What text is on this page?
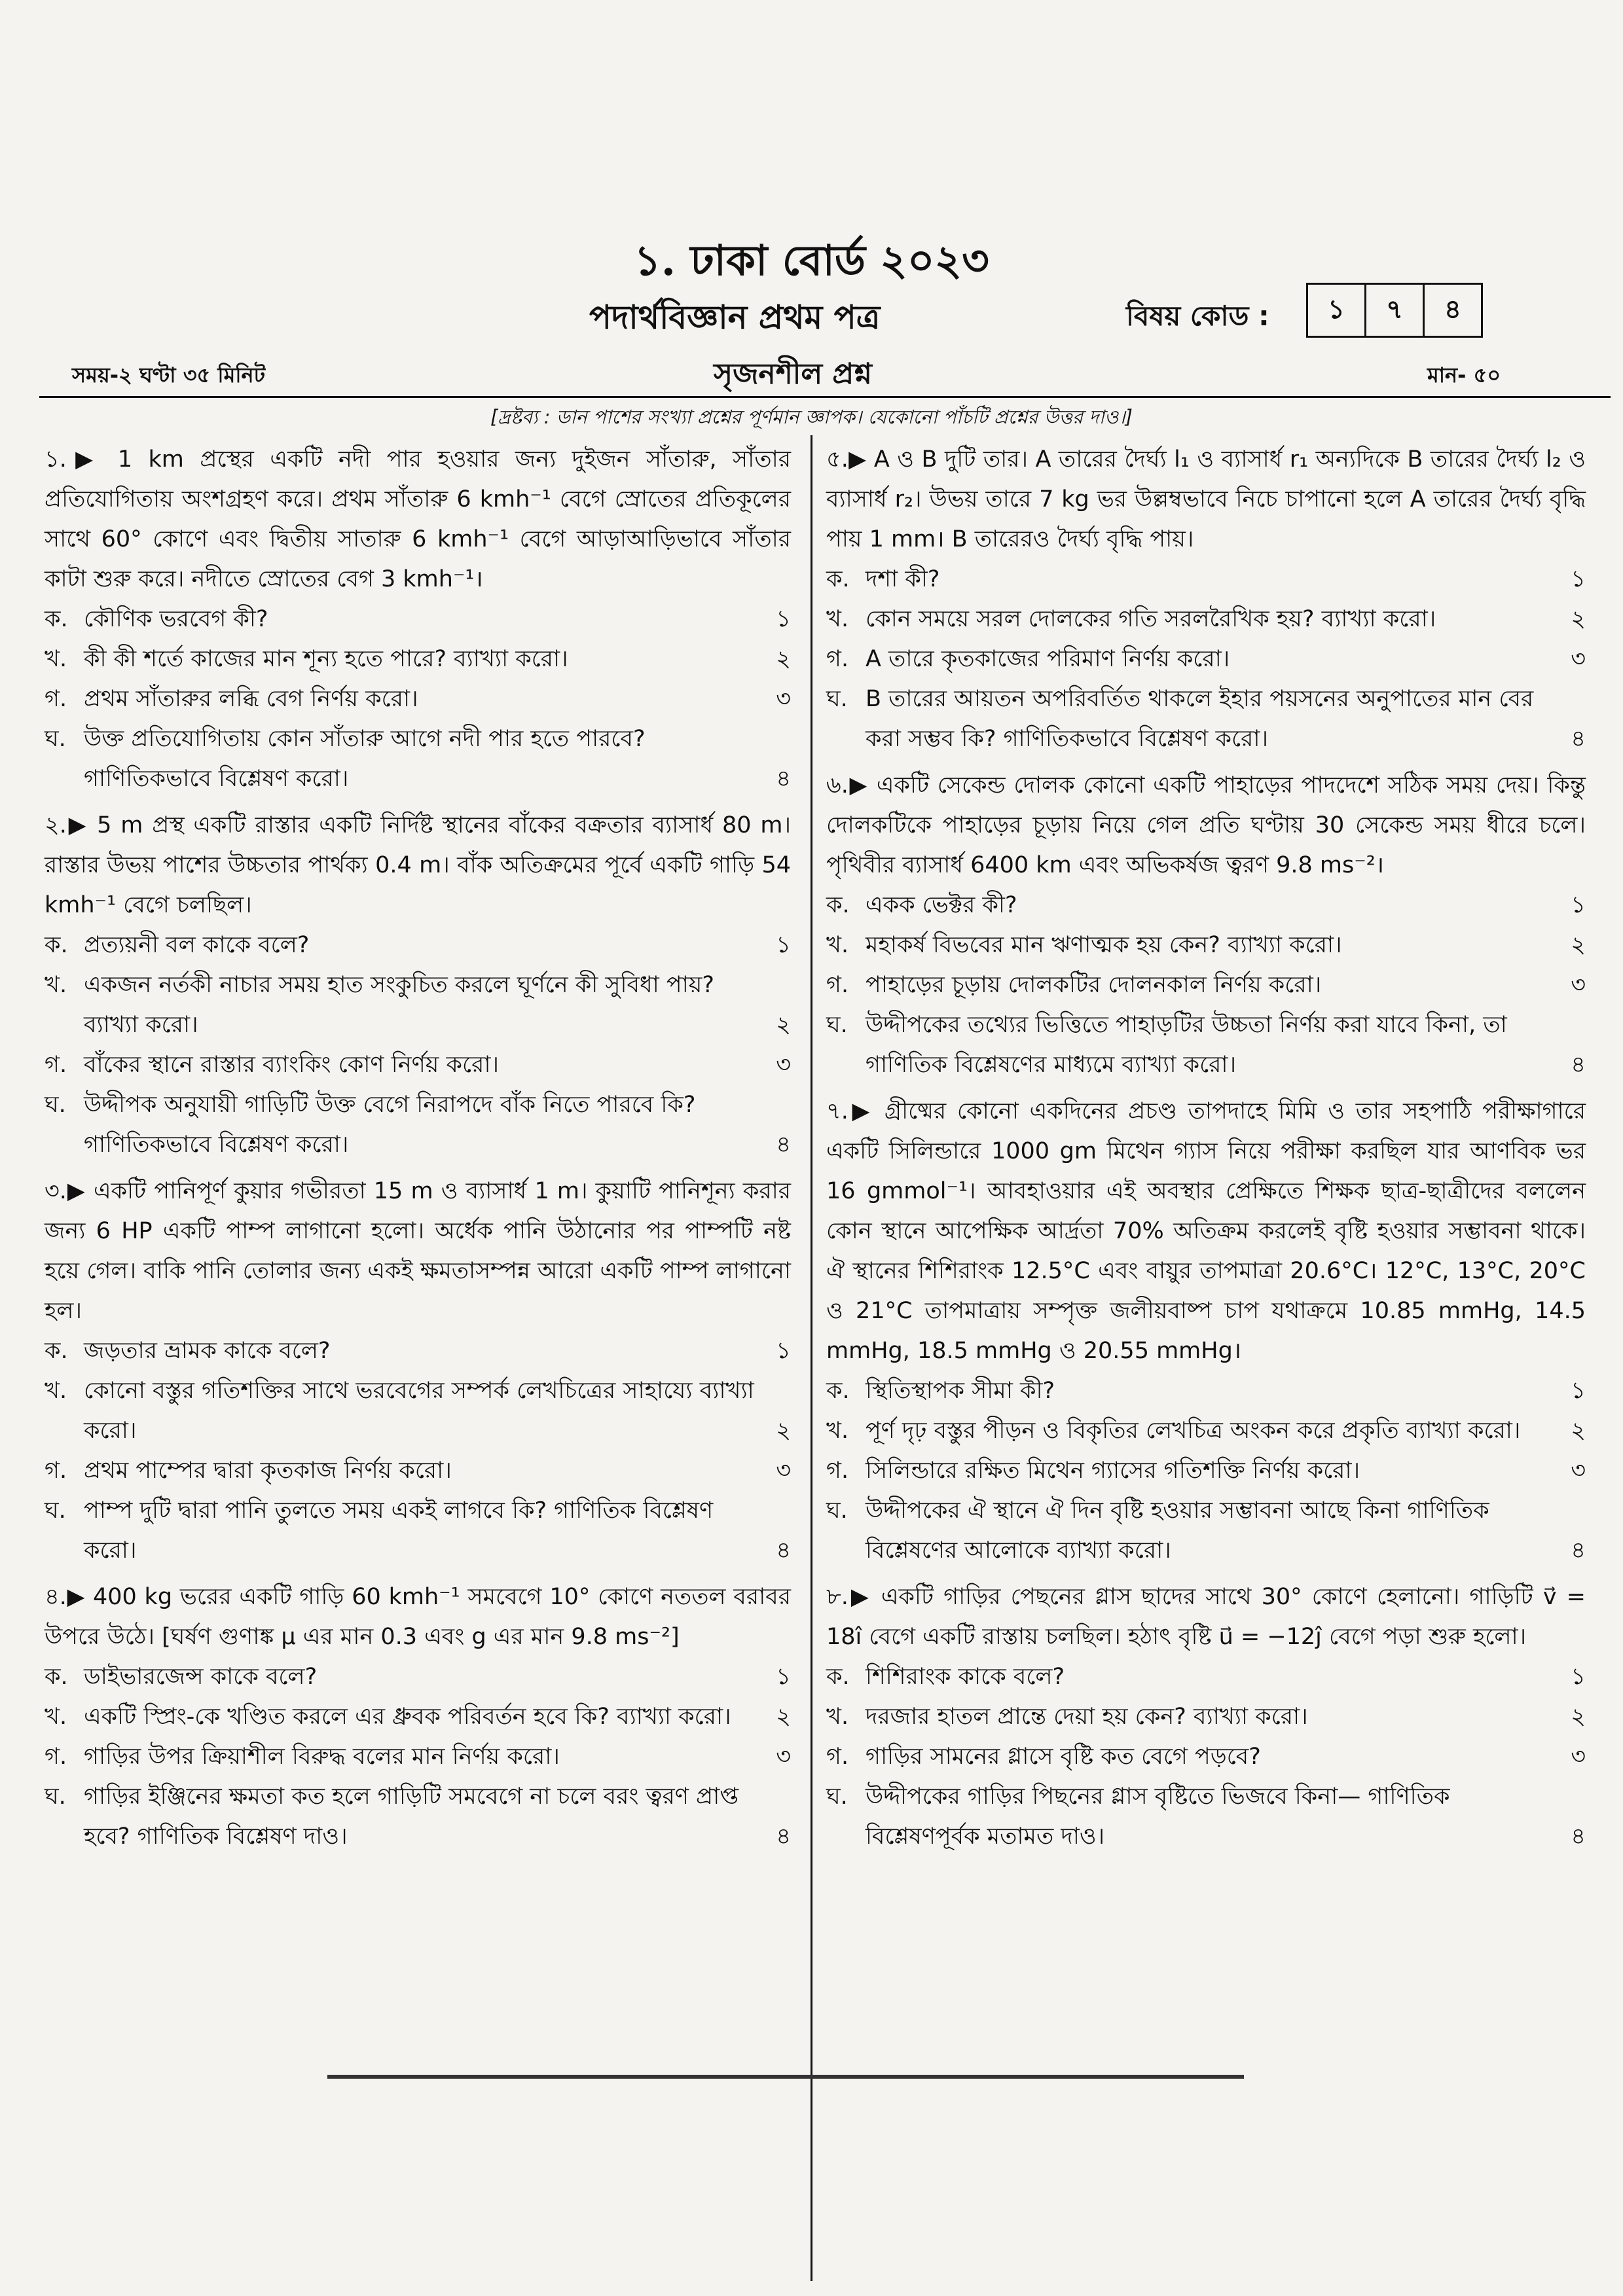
১. ঢাকা বোর্ড ২০২৩
পদার্থবিজ্ঞান প্রথম পত্র	বিষয় কোড :	১	৭	৪
সময়-২ ঘণ্টা ৩৫ মিনিট	সৃজনশীল প্রশ্ন	মান- ৫০
[দ্রষ্টব্য : ডান পাশের সংখ্যা প্রশ্নের পূর্ণমান জ্ঞাপক। যেকোনো পাঁচটি প্রশ্নের উত্তর দাও।]
১.▶ 1 km প্রস্থের একটি নদী পার হওয়ার জন্য দুইজন সাঁতারু, সাঁতার প্রতিযোগিতায় অংশগ্রহণ করে। প্রথম সাঁতারু 6 kmh⁻¹ বেগে স্রোতের প্রতিকূলের সাথে 60° কোণে এবং দ্বিতীয় সাতারু 6 kmh⁻¹ বেগে আড়াআড়িভাবে সাঁতার কাটা শুরু করে। নদীতে স্রোতের বেগ 3 kmh⁻¹।
ক. কৌণিক ভরবেগ কী?	১
খ. কী কী শর্তে কাজের মান শূন্য হতে পারে? ব্যাখ্যা করো।	২
গ. প্রথম সাঁতারুর লব্ধি বেগ নির্ণয় করো।	৩
ঘ. উক্ত প্রতিযোগিতায় কোন সাঁতারু আগে নদী পার হতে পারবে? গাণিতিকভাবে বিশ্লেষণ করো।	৪
২.▶ 5 m প্রস্থ একটি রাস্তার একটি নির্দিষ্ট স্থানের বাঁকের বক্রতার ব্যাসার্ধ 80 m। রাস্তার উভয় পাশের উচ্চতার পার্থক্য 0.4 m। বাঁক অতিক্রমের পূর্বে একটি গাড়ি 54 kmh⁻¹ বেগে চলছিল।
ক. প্রত্যয়নী বল কাকে বলে?	১
খ. একজন নর্তকী নাচার সময় হাত সংকুচিত করলে ঘূর্ণনে কী সুবিধা পায়? ব্যাখ্যা করো।	২
গ. বাঁকের স্থানে রাস্তার ব্যাংকিং কোণ নির্ণয় করো।	৩
ঘ. উদ্দীপক অনুযায়ী গাড়িটি উক্ত বেগে নিরাপদে বাঁক নিতে পারবে কি? গাণিতিকভাবে বিশ্লেষণ করো।	৪
৩.▶ একটি পানিপূর্ণ কুয়ার গভীরতা 15 m ও ব্যাসার্ধ 1 m। কুয়াটি পানিশূন্য করার জন্য 6 HP একটি পাম্প লাগানো হলো। অর্ধেক পানি উঠানোর পর পাম্পটি নষ্ট হয়ে গেল। বাকি পানি তোলার জন্য একই ক্ষমতাসম্পন্ন আরো একটি পাম্প লাগানো হল।
ক. জড়তার ভ্রামক কাকে বলে?	১
খ. কোনো বস্তুর গতিশক্তির সাথে ভরবেগের সম্পর্ক লেখচিত্রের সাহায্যে ব্যাখ্যা করো।	২
গ. প্রথম পাম্পের দ্বারা কৃতকাজ নির্ণয় করো।	৩
ঘ. পাম্প দুটি দ্বারা পানি তুলতে সময় একই লাগবে কি? গাণিতিক বিশ্লেষণ করো।	৪
৪.▶ 400 kg ভরের একটি গাড়ি 60 kmh⁻¹ সমবেগে 10° কোণে নততল বরাবর উপরে উঠে। [ঘর্ষণ গুণাঙ্ক μ এর মান 0.3 এবং g এর মান 9.8 ms⁻²]
ক. ডাইভারজেন্স কাকে বলে?	১
খ. একটি স্প্রিং-কে খণ্ডিত করলে এর ধ্রুবক পরিবর্তন হবে কি? ব্যাখ্যা করো।	২
গ. গাড়ির উপর ক্রিয়াশীল বিরুদ্ধ বলের মান নির্ণয় করো।	৩
ঘ. গাড়ির ইঞ্জিনের ক্ষমতা কত হলে গাড়িটি সমবেগে না চলে বরং ত্বরণ প্রাপ্ত হবে? গাণিতিক বিশ্লেষণ দাও।	৪
৫.▶ A ও B দুটি তার। A তারের দৈর্ঘ্য l₁ ও ব্যাসার্ধ r₁ অন্যদিকে B তারের দৈর্ঘ্য l₂ ও ব্যাসার্ধ r₂। উভয় তারে 7 kg ভর উল্লম্বভাবে নিচে চাপানো হলে A তারের দৈর্ঘ্য বৃদ্ধি পায় 1 mm। B তারেরও দৈর্ঘ্য বৃদ্ধি পায়।
ক. দশা কী?	১
খ. কোন সময়ে সরল দোলকের গতি সরলরৈখিক হয়? ব্যাখ্যা করো।	২
গ. A তারে কৃতকাজের পরিমাণ নির্ণয় করো।	৩
ঘ. B তারের আয়তন অপরিবর্তিত থাকলে ইহার পয়সনের অনুপাতের মান বের করা সম্ভব কি? গাণিতিকভাবে বিশ্লেষণ করো।	৪
৬.▶ একটি সেকেন্ড দোলক কোনো একটি পাহাড়ের পাদদেশে সঠিক সময় দেয়। কিন্তু দোলকটিকে পাহাড়ের চূড়ায় নিয়ে গেল প্রতি ঘণ্টায় 30 সেকেন্ড সময় ধীরে চলে। পৃথিবীর ব্যাসার্ধ 6400 km এবং অভিকর্ষজ ত্বরণ 9.8 ms⁻²।
ক. একক ভেক্টর কী?	১
খ. মহাকর্ষ বিভবের মান ঋণাত্মক হয় কেন? ব্যাখ্যা করো।	২
গ. পাহাড়ের চূড়ায় দোলকটির দোলনকাল নির্ণয় করো।	৩
ঘ. উদ্দীপকের তথ্যের ভিত্তিতে পাহাড়টির উচ্চতা নির্ণয় করা যাবে কিনা, তা গাণিতিক বিশ্লেষণের মাধ্যমে ব্যাখ্যা করো।	৪
৭.▶ গ্রীষ্মের কোনো একদিনের প্রচণ্ড তাপদাহে মিমি ও তার সহপাঠি পরীক্ষাগারে একটি সিলিন্ডারে 1000 gm মিথেন গ্যাস নিয়ে পরীক্ষা করছিল যার আণবিক ভর 16 gmmol⁻¹। আবহাওয়ার এই অবস্থার প্রেক্ষিতে শিক্ষক ছাত্র-ছাত্রীদের বললেন কোন স্থানে আপেক্ষিক আর্দ্রতা 70% অতিক্রম করলেই বৃষ্টি হওয়ার সম্ভাবনা থাকে। ঐ স্থানের শিশিরাংক 12.5°C এবং বায়ুর তাপমাত্রা 20.6°C। 12°C, 13°C, 20°C ও 21°C তাপমাত্রায় সম্পৃক্ত জলীয়বাষ্প চাপ যথাক্রমে 10.85 mmHg, 14.5 mmHg, 18.5 mmHg ও 20.55 mmHg।
ক. স্থিতিস্থাপক সীমা কী?	১
খ. পূর্ণ দৃঢ় বস্তুর পীড়ন ও বিকৃতির লেখচিত্র অংকন করে প্রকৃতি ব্যাখ্যা করো।	২
গ. সিলিন্ডারে রক্ষিত মিথেন গ্যাসের গতিশক্তি নির্ণয় করো।	৩
ঘ. উদ্দীপকের ঐ স্থানে ঐ দিন বৃষ্টি হওয়ার সম্ভাবনা আছে কিনা গাণিতিক বিশ্লেষণের আলোকে ব্যাখ্যা করো।	৪
৮.▶ একটি গাড়ির পেছনের গ্লাস ছাদের সাথে 30° কোণে হেলানো। গাড়িটি v⃗ = 18î বেগে একটি রাস্তায় চলছিল। হঠাৎ বৃষ্টি u⃗ = −12ĵ বেগে পড়া শুরু হলো।
ক. শিশিরাংক কাকে বলে?	১
খ. দরজার হাতল প্রান্তে দেয়া হয় কেন? ব্যাখ্যা করো।	২
গ. গাড়ির সামনের গ্লাসে বৃষ্টি কত বেগে পড়বে?	৩
ঘ. উদ্দীপকের গাড়ির পিছনের গ্লাস বৃষ্টিতে ভিজবে কিনা— গাণিতিক বিশ্লেষণপূর্বক মতামত দাও।	৪
